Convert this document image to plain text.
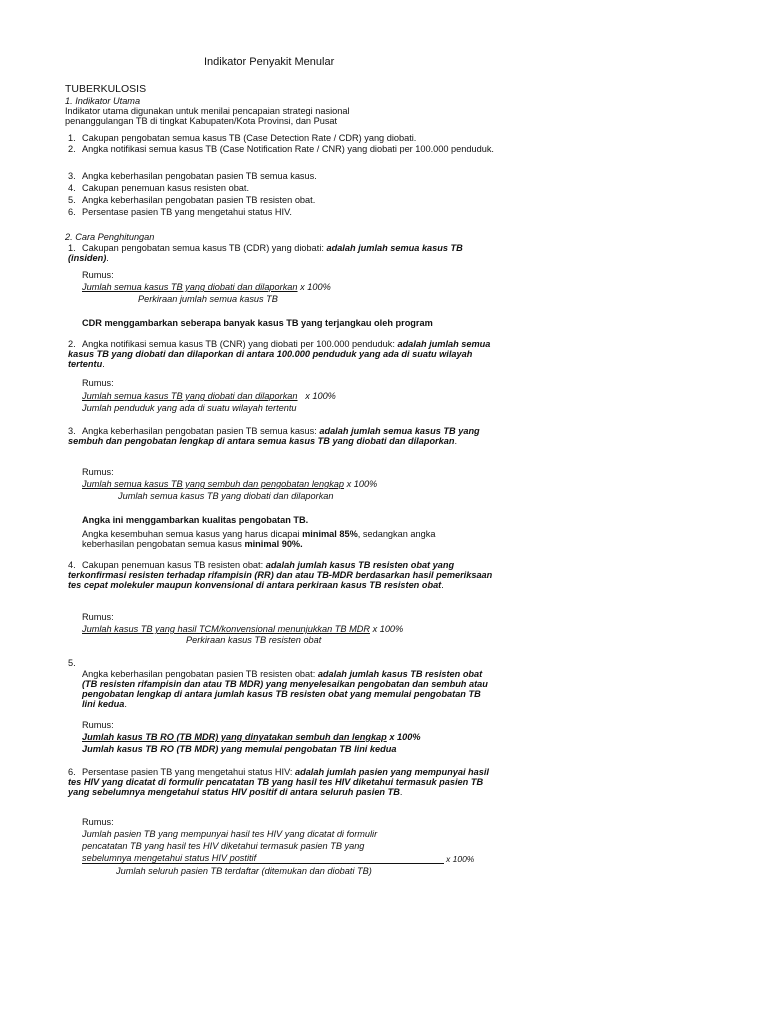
Indikator Penyakit Menular
TUBERKULOSIS
1. Indikator Utama
Indikator utama digunakan untuk menilai pencapaian strategi nasional penanggulangan TB di tingkat Kabupaten/Kota Provinsi, dan Pusat
1. Cakupan pengobatan semua kasus TB (Case Detection Rate / CDR) yang diobati.
2. Angka notifikasi semua kasus TB (Case Notification Rate / CNR) yang diobati per 100.000 penduduk.
3. Angka keberhasilan pengobatan pasien TB semua kasus.
4. Cakupan penemuan kasus resisten obat.
5. Angka keberhasilan pengobatan pasien TB resisten obat.
6. Persentase pasien TB yang mengetahui status HIV.
2. Cara Penghitungan
1. Cakupan pengobatan semua kasus TB (CDR) yang diobati: adalah jumlah semua kasus TB (insiden).
Rumus:
Jumlah semua kasus TB yang diobati dan dilaporkan x 100%
Perkiraan jumlah semua kasus TB
CDR menggambarkan seberapa banyak kasus TB yang terjangkau oleh program
2. Angka notifikasi semua kasus TB (CNR) yang diobati per 100.000 penduduk: adalah jumlah semua kasus TB yang diobati dan dilaporkan di antara 100.000 penduduk yang ada di suatu wilayah tertentu.
Rumus:
Jumlah semua kasus TB yang diobati dan dilaporkan x 100%
Jumlah penduduk yang ada di suatu wilayah tertentu
3. Angka keberhasilan pengobatan pasien TB semua kasus: adalah jumlah semua kasus TB yang sembuh dan pengobatan lengkap di antara semua kasus TB yang diobati dan dilaporkan.
Rumus:
Jumlah semua kasus TB yang sembuh dan pengobatan lengkap x 100%
Jumlah semua kasus TB yang diobati dan dilaporkan
Angka ini menggambarkan kualitas pengobatan TB.
Angka kesembuhan semua kasus yang harus dicapai minimal 85%, sedangkan angka keberhasilan pengobatan semua kasus minimal 90%.
4. Cakupan penemuan kasus TB resisten obat: adalah jumlah kasus TB resisten obat yang terkonfirmasi resisten terhadap rifampisin (RR) dan atau TB-MDR berdasarkan hasil pemeriksaan tes cepat molekuler maupun konvensional di antara perkiraan kasus TB resisten obat.
Rumus:
Jumlah kasus TB yang hasil TCM/konvensional menunjukkan TB MDR x 100%
Perkiraan kasus TB resisten obat
5.
Angka keberhasilan pengobatan pasien TB resisten obat: adalah jumlah kasus TB resisten obat (TB resisten rifampisin dan atau TB MDR) yang menyelesaikan pengobatan dan sembuh atau pengobatan lengkap di antara jumlah kasus TB resisten obat yang memulai pengobatan TB lini kedua.
Rumus:
Jumlah kasus TB RO (TB MDR) yang dinyatakan sembuh dan lengkap x 100%
Jumlah kasus TB RO (TB MDR) yang memulai pengobatan TB lini kedua
6. Persentase pasien TB yang mengetahui status HIV: adalah jumlah pasien yang mempunyai hasil tes HIV yang dicatat di formulir pencatatan TB yang hasil tes HIV diketahui termasuk pasien TB yang sebelumnya mengetahui status HIV positif di antara seluruh pasien TB.
Rumus:
Jumlah pasien TB yang mempunyai hasil tes HIV yang dicatat di formulir
pencatatan TB yang hasil tes HIV diketahui termasuk pasien TB yang
sebelumnya mengetahui status HIV postitif	x 100%
Jumlah seluruh pasien TB terdaftar (ditemukan dan diobati TB)
